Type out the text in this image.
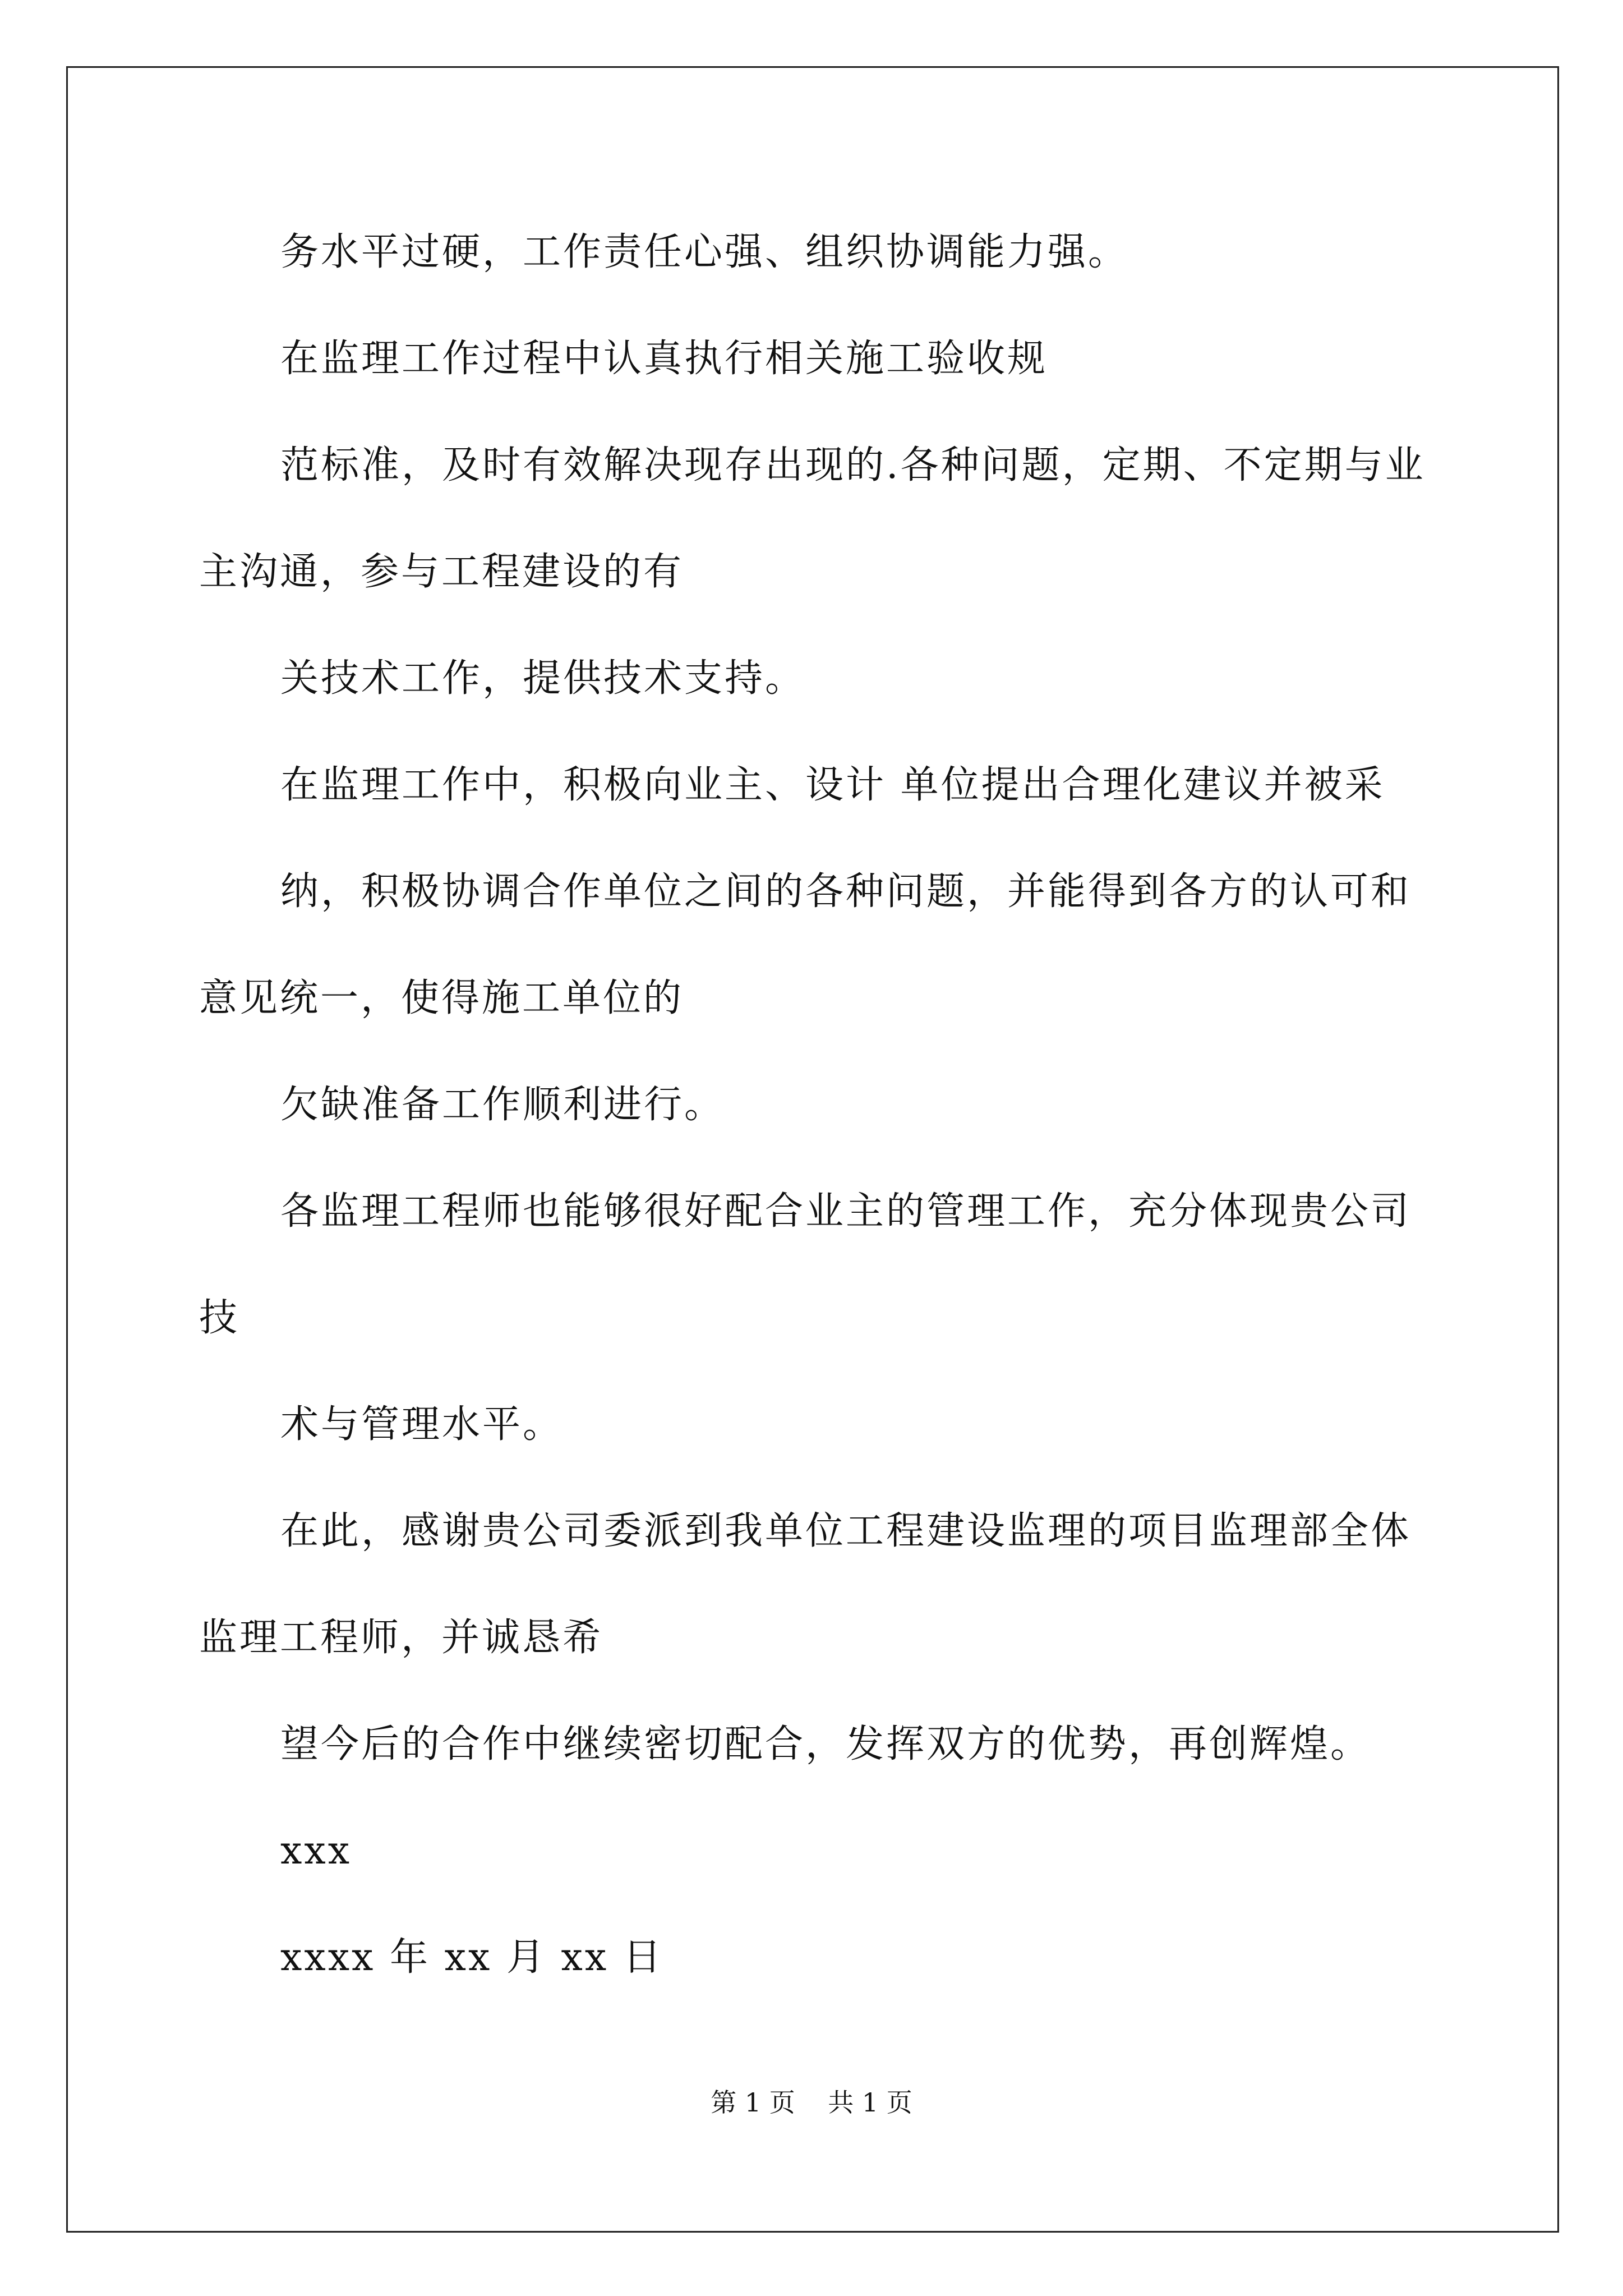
务水平过硬，工作责任心强、组织协调能力强。
在监理工作过程中认真执行相关施工验收规
范标准，及时有效解决现存出现的.各种问题，定期、不定期与业
主沟通，参与工程建设的有
关技术工作，提供技术支持。
在监理工作中，积极向业主、设计 单位提出合理化建议并被采
纳，积极协调合作单位之间的各种问题，并能得到各方的认可和
意见统一，使得施工单位的
欠缺准备工作顺利进行。
各监理工程师也能够很好配合业主的管理工作，充分体现贵公司
技
术与管理水平。
在此，感谢贵公司委派到我单位工程建设监理的项目监理部全体
监理工程师，并诚恳希
望今后的合作中继续密切配合，发挥双方的优势，再创辉煌。
xxx
xxxx 年 xx 月 xx 日
第 1 页    共 1 页
